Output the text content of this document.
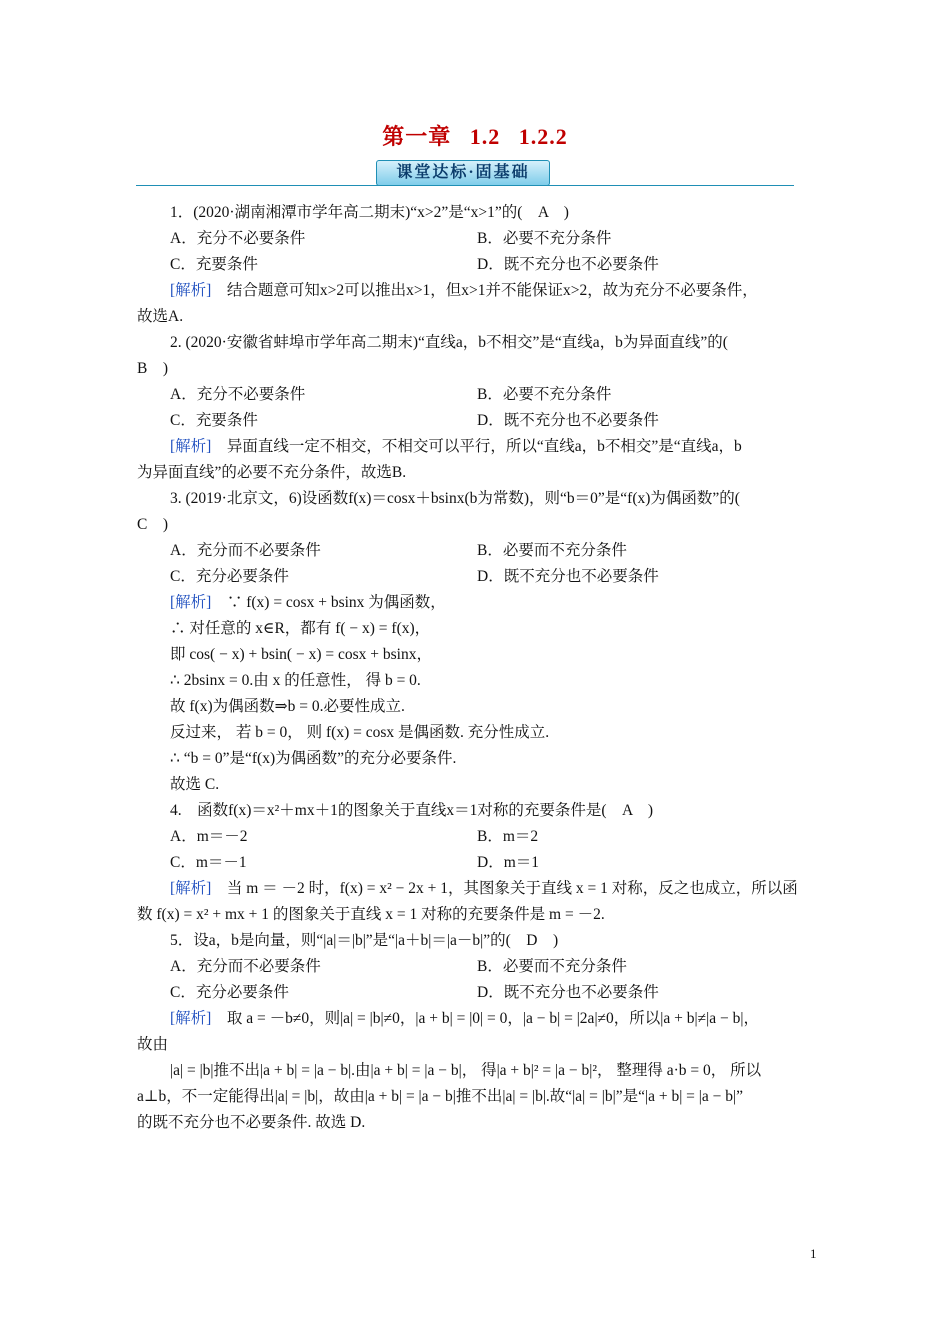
第一章 1.2 1.2.2
课堂达标·固基础
1．(2020·湖南湘潭市学年高二期末)“x>2”是“x>1”的(　A　)
A．充分不必要条件	B．必要不充分条件
C．充要条件	D．既不充分也不必要条件
[解析]　结合题意可知x>2可以推出x>1，但x>1并不能保证x>2，故为充分不必要条件，
故选A.
2. (2020·安徽省蚌埠市学年高二期末)“直线a，b不相交”是“直线a，b为异面直线”的(
B　)
A．充分不必要条件	B．必要不充分条件
C．充要条件	D．既不充分也不必要条件
[解析]　异面直线一定不相交，不相交可以平行，所以“直线a，b不相交”是“直线a，b
为异面直线”的必要不充分条件，故选B.
3. (2019·北京文，6)设函数f(x)＝cosx＋bsinx(b为常数)，则“b＝0”是“f(x)为偶函数”的(
C　)
A．充分而不必要条件	B．必要而不充分条件
C．充分必要条件	D．既不充分也不必要条件
[解析]　∵ f(x) = cosx + bsinx 为偶函数，
∴ 对任意的 x∈R，都有 f( − x) = f(x)，
即 cos( − x) + bsin( − x) = cosx + bsinx，
∴ 2bsinx = 0.由 x 的任意性， 得 b = 0.
故 f(x)为偶函数⇒b = 0.必要性成立.
反过来， 若 b = 0， 则 f(x) = cosx 是偶函数. 充分性成立.
∴ “b = 0”是“f(x)为偶函数”的充分必要条件.
故选 C.
4.　函数f(x)＝x²＋mx＋1的图象关于直线x＝1对称的充要条件是(　A　)
A．m＝－2	B．m＝2
C．m＝－1	D．m＝1
[解析]　当 m ＝ －2 时，f(x) = x² − 2x + 1，其图象关于直线 x = 1 对称，反之也成立，所以函
数 f(x) = x² + mx + 1 的图象关于直线 x = 1 对称的充要条件是 m = －2.
5．设a，b是向量，则“|a|＝|b|”是“|a＋b|＝|a－b|”的(　D　)
A．充分而不必要条件	B．必要而不充分条件
C．充分必要条件	D．既不充分也不必要条件
[解析]　取 a = －b≠0，则|a| = |b|≠0，|a + b| = |0| = 0，|a − b| = |2a|≠0，所以|a + b|≠|a − b|，
故由
|a| = |b|推不出|a + b| = |a − b|.由|a + b| = |a − b|， 得|a + b|² = |a − b|²， 整理得 a·b = 0， 所以
a⊥b，不一定能得出|a| = |b|，故由|a + b| = |a − b|推不出|a| = |b|.故“|a| = |b|”是“|a + b| = |a − b|”
的既不充分也不必要条件. 故选 D.
1
